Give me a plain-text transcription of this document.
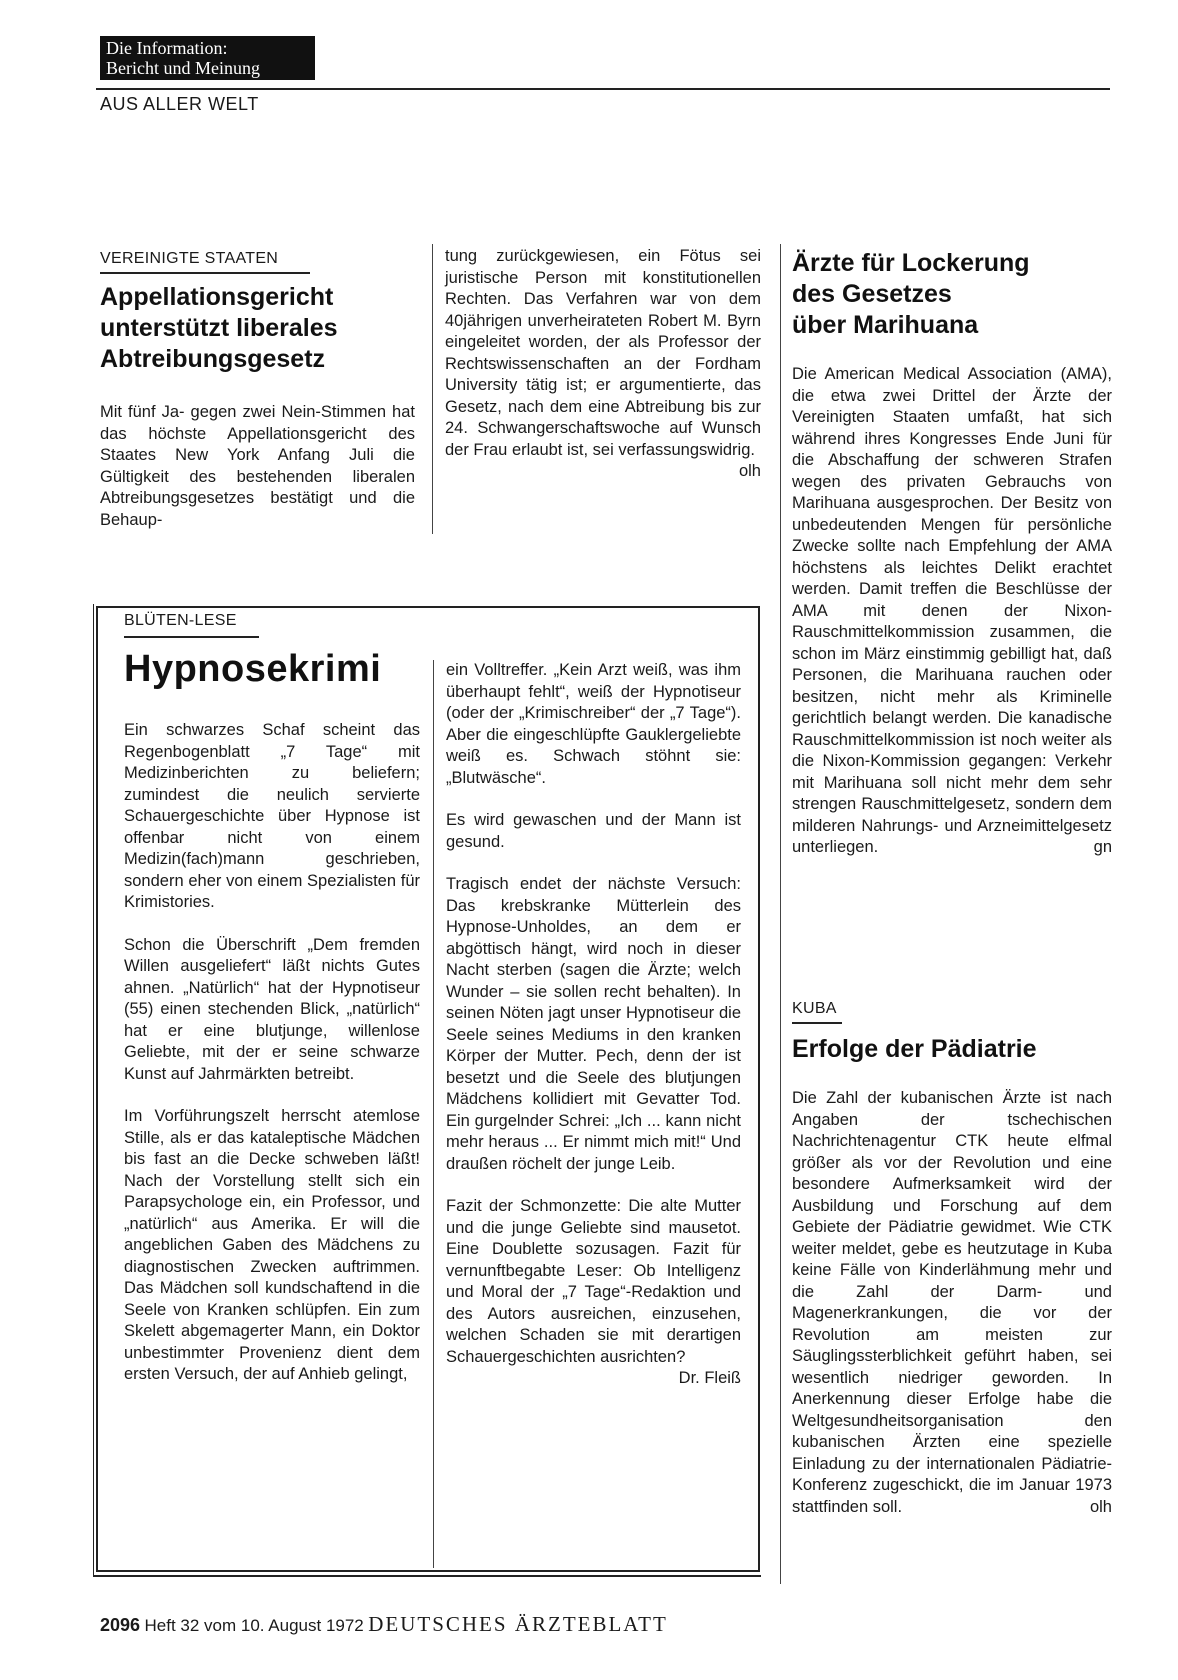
Die Information:
Bericht und Meinung
AUS ALLER WELT
VEREINIGTE STAATEN
Appellationsgericht
unterstützt liberales
Abtreibungsgesetz
Mit fünf Ja- gegen zwei Nein-Stimmen hat das höchste Appellationsgericht des Staates New York Anfang Juli die Gültigkeit des bestehenden liberalen Abtreibungsgesetzes bestätigt und die Behaup-
tung zurückgewiesen, ein Fötus sei juristische Person mit konstitutionellen Rechten. Das Verfahren war von dem 40jährigen unverheirateten Robert M. Byrn eingeleitet worden, der als Professor der Rechtswissenschaften an der Fordham University tätig ist; er argumentierte, das Gesetz, nach dem eine Abtreibung bis zur 24. Schwangerschaftswoche auf Wunsch der Frau erlaubt ist, sei verfassungswidrig.
olh
Ärzte für Lockerung
des Gesetzes
über Marihuana
Die American Medical Association (AMA), die etwa zwei Drittel der Ärzte der Vereinigten Staaten umfaßt, hat sich während ihres Kongresses Ende Juni für die Abschaffung der schweren Strafen wegen des privaten Gebrauchs von Marihuana ausgesprochen. Der Besitz von unbedeutenden Mengen für persönliche Zwecke sollte nach Empfehlung der AMA höchstens als leichtes Delikt erachtet werden. Damit treffen die Beschlüsse der AMA mit denen der Nixon-Rauschmittelkommission zusammen, die schon im März einstimmig gebilligt hat, daß Personen, die Marihuana rauchen oder besitzen, nicht mehr als Kriminelle gerichtlich belangt werden. Die kanadische Rauschmittelkommission ist noch weiter als die Nixon-Kommission gegangen: Verkehr mit Marihuana soll nicht mehr dem sehr strengen Rauschmittelgesetz, sondern dem milderen Nahrungs- und Arzneimittelgesetz unterliegen.	gn
KUBA
Erfolge der Pädiatrie
Die Zahl der kubanischen Ärzte ist nach Angaben der tschechischen Nachrichtenagentur CTK heute elfmal größer als vor der Revolution und eine besondere Aufmerksamkeit wird der Ausbildung und Forschung auf dem Gebiete der Pädiatrie gewidmet. Wie CTK weiter meldet, gebe es heutzutage in Kuba keine Fälle von Kinderlähmung mehr und die Zahl der Darm- und Magenerkrankungen, die vor der Revolution am meisten zur Säuglingssterblichkeit geführt haben, sei wesentlich niedriger geworden. In Anerkennung dieser Erfolge habe die Weltgesundheitsorganisation den kubanischen Ärzten eine spezielle Einladung zu der internationalen Pädiatrie-Konferenz zugeschickt, die im Januar 1973 stattfinden soll.	olh
BLÜTEN-LESE
Hypnosekrimi

Ein schwarzes Schaf scheint das Regenbogenblatt „7 Tage“ mit Medizinberichten zu beliefern; zumindest die neulich servierte Schauergeschichte über Hypnose ist offenbar nicht von einem Medizin(fach)mann geschrieben, sondern eher von einem Spezialisten für Krimistories.

Schon die Überschrift „Dem fremden Willen ausgeliefert“ läßt nichts Gutes ahnen. „Natürlich“ hat der Hypnotiseur (55) einen stechenden Blick, „natürlich“ hat er eine blutjunge, willenlose Geliebte, mit der er seine schwarze Kunst auf Jahrmärkten betreibt.

Im Vorführungszelt herrscht atemlose Stille, als er das kataleptische Mädchen bis fast an die Decke schweben läßt! Nach der Vorstellung stellt sich ein Parapsychologe ein, ein Professor, und „natürlich“ aus Amerika. Er will die angeblichen Gaben des Mädchens zu diagnostischen Zwecken auftrimmen. Das Mädchen soll kundschaftend in die Seele von Kranken schlüpfen. Ein zum Skelett abgemagerter Mann, ein Doktor unbestimmter Provenienz dient dem ersten Versuch, der auf Anhieb gelingt,

ein Volltreffer. „Kein Arzt weiß, was ihm überhaupt fehlt“, weiß der Hypnotiseur (oder der „Krimischreiber“ der „7 Tage“). Aber die eingeschlüpfte Gauklergeliebte weiß es. Schwach stöhnt sie: „Blutwäsche“.

Es wird gewaschen und der Mann ist gesund.

Tragisch endet der nächste Versuch: Das krebskranke Mütterlein des Hypnose-Unholdes, an dem er abgöttisch hängt, wird noch in dieser Nacht sterben (sagen die Ärzte; welch Wunder – sie sollen recht behalten). In seinen Nöten jagt unser Hypnotiseur die Seele seines Mediums in den kranken Körper der Mutter. Pech, denn der ist besetzt und die Seele des blutjungen Mädchens kollidiert mit Gevatter Tod. Ein gurgelnder Schrei: „Ich ... kann nicht mehr heraus ... Er nimmt mich mit!“ Und draußen röchelt der junge Leib.

Fazit der Schmonzette: Die alte Mutter und die junge Geliebte sind mausetot. Eine Doublette sozusagen. Fazit für vernunftbegabte Leser: Ob Intelligenz und Moral der „7 Tage“-Redaktion und des Autors ausreichen, einzusehen, welchen Schaden sie mit derartigen Schauergeschichten ausrichten?
Dr. Fleiß

2096 Heft 32 vom 10. August 1972 DEUTSCHES ÄRZTEBLATT
